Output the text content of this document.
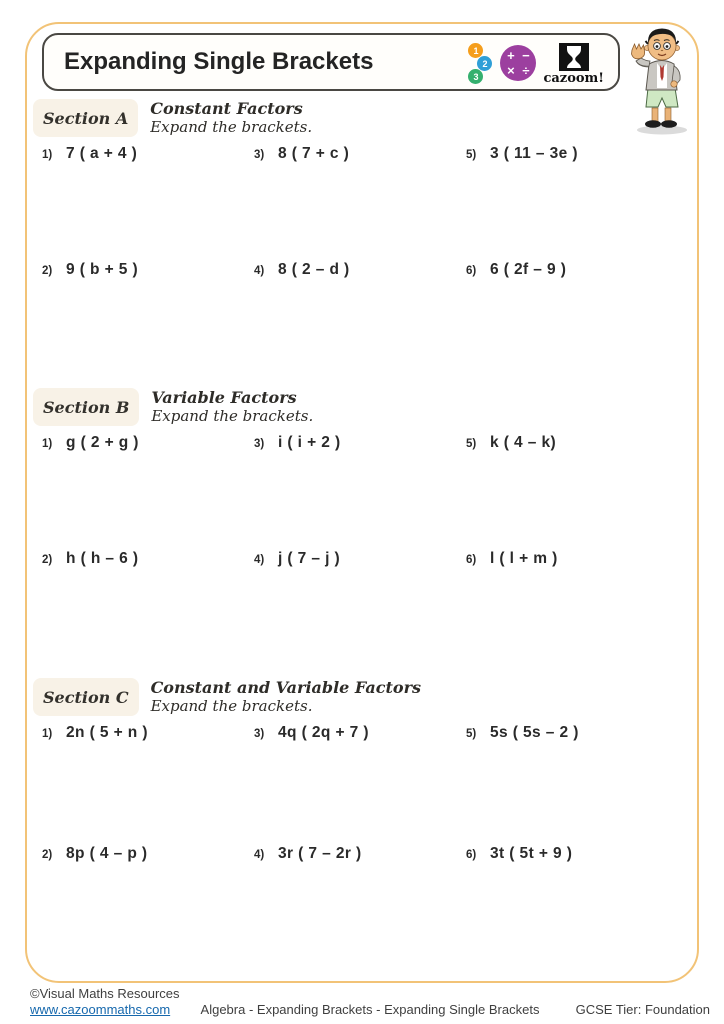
Expanding Single Brackets	1
2
3
+ −
× ÷ cazoom!
Section A	Constant Factors
Expand the brackets.
1) 7 ( a + 4 )
2) 9 ( b + 5 )
3) 8 ( 7 + c )
4) 8 ( 2 – d )
5) 3 ( 11 – 3e )
6) 6 ( 2f – 9 )
Section B	Variable Factors
Expand the brackets.
1) g ( 2 + g )
2) h ( h – 6 )
3) i ( i + 2 )
4) j ( 7 – j )
5) k ( 4 – k)
6) l ( l + m )
Section C	Constant and Variable Factors
Expand the brackets.
1) 2n ( 5 + n )
2) 8p ( 4 – p )
3) 4q ( 2q + 7 )
4) 3r ( 7 – 2r )
5) 5s ( 5s – 2 )
6) 3t ( 5t + 9 )
©Visual Maths Resources
www.cazoommaths.com	Algebra - Expanding Brackets - Expanding Single Brackets	GCSE Tier: Foundation
